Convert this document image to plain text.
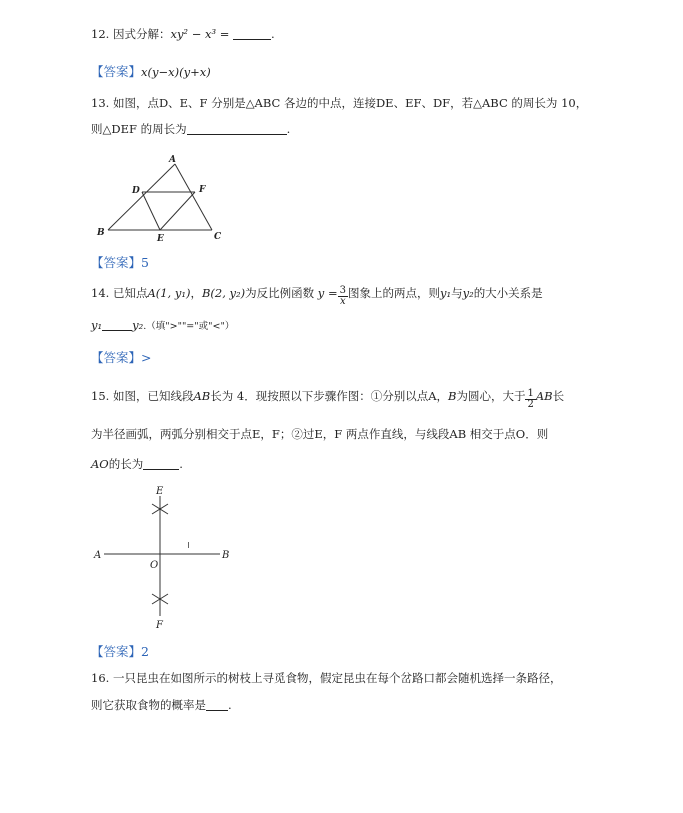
12. 因式分解：xy² − x³ =	.
【答案】x(y−x)(y+x)
13. 如图，点D、E、F 分别是△ABC 各边的中点，连接DE、EF、DF，若△ABC 的周长为 10，
则△DEF 的周长为	.
A
D	F
B
E	C
【答案】5
14. 已知点A(1, y₁)，B(2, y₂)为反比例函数 $y = \frac{3}{x}$ 图象上的两点，则y₁与y₂的大小关系是
y₁	y₂.（填">""="或"<"）
【答案】>
15. 如图，已知线段AB长为 4．现按照以下步骤作图：①分别以点A，B为圆心，大于 $\frac{1}{2}$ AB长
为半径画弧，两弧分别相交于点E，F；②过E，F 两点作直线，与线段AB 相交于点O．则
AO的长为	.
E
A	B
O
F
【答案】2
16. 一只昆虫在如图所示的树枝上寻觅食物，假定昆虫在每个岔路口都会随机选择一条路径，
则它获取食物的概率是 .
